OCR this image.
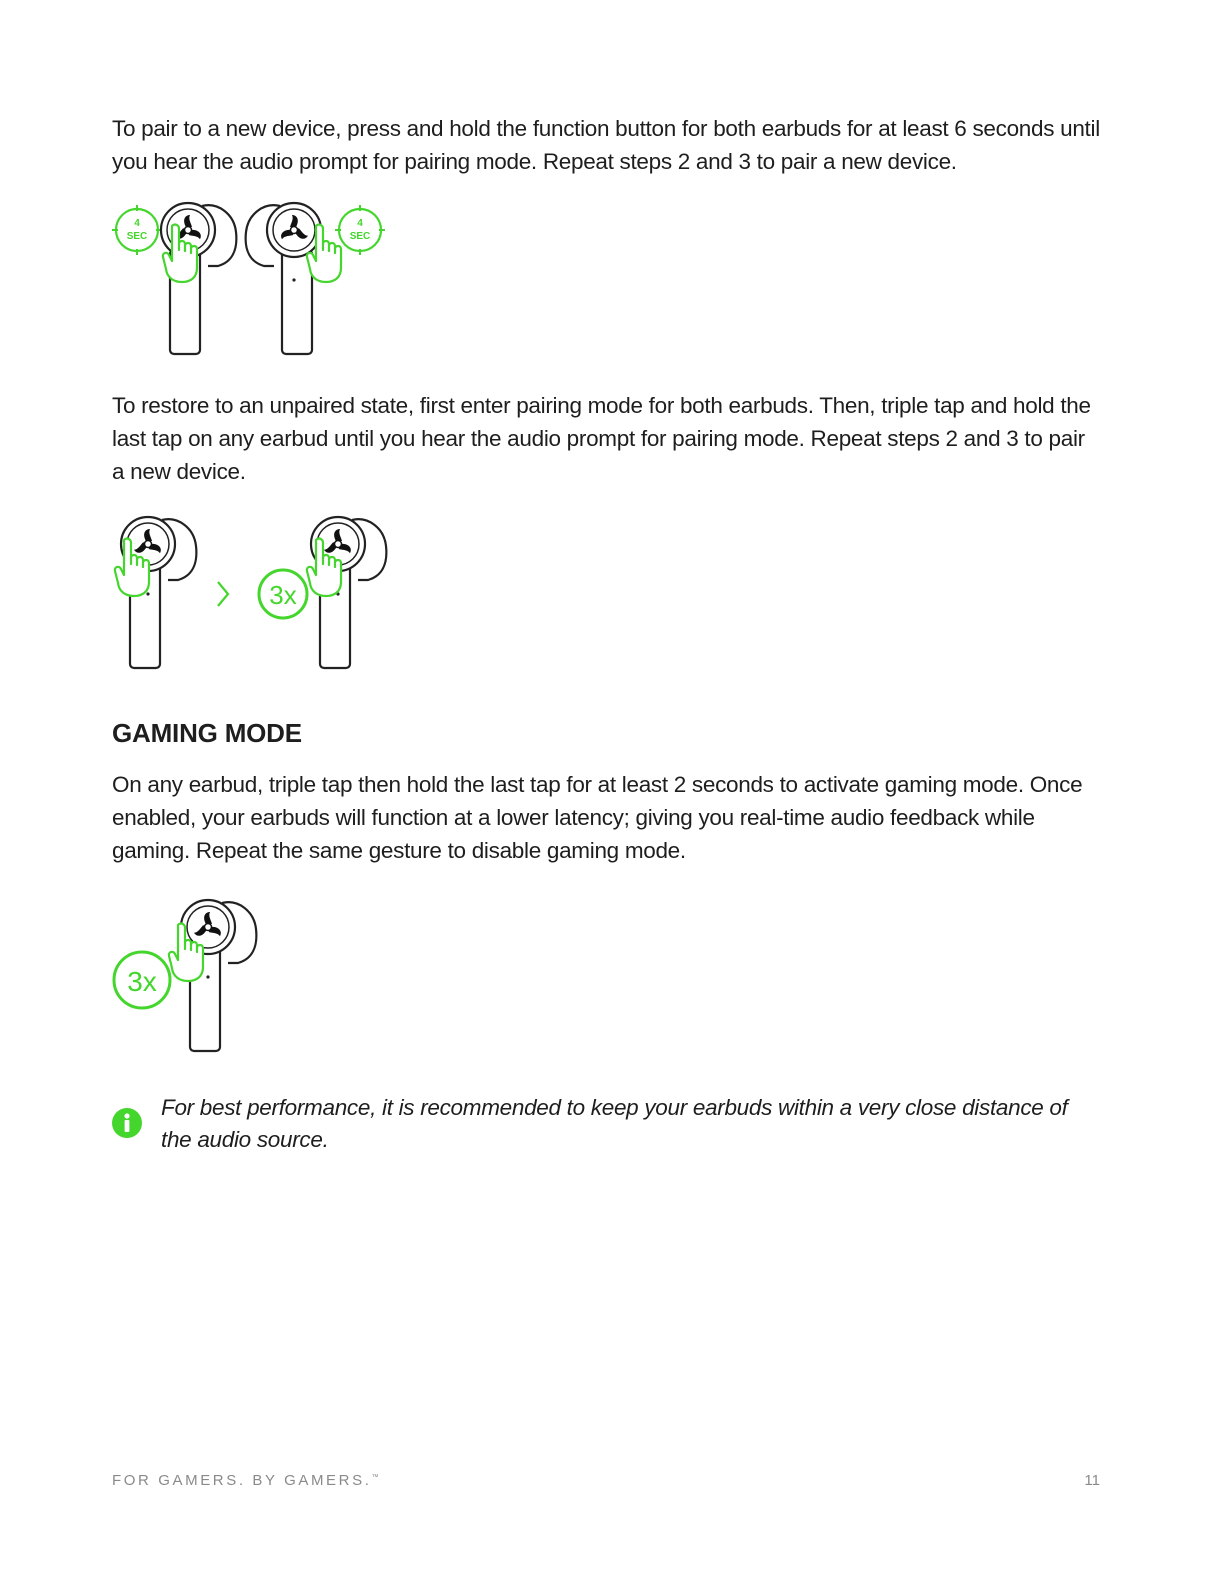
To pair to a new device, press and hold the function button for both earbuds for at least 6 seconds until you hear the audio prompt for pairing mode. Repeat steps 2 and 3 to pair a new device.

4
SEC
4
SEC

To restore to an unpaired state, first enter pairing mode for both earbuds. Then, triple tap and hold the last tap on any earbud until you hear the audio prompt for pairing mode. Repeat steps 2 and 3 to pair a new device.

3x
GAMING MODE

On any earbud, triple tap then hold the last tap for at least 2 seconds to activate gaming mode. Once enabled, your earbuds will function at a lower latency; giving you real-time audio feedback while gaming. Repeat the same gesture to disable gaming mode.

3x

For best performance, it is recommended to keep your earbuds within a very close distance of the audio source.

FOR GAMERS. BY GAMERS.™	11
